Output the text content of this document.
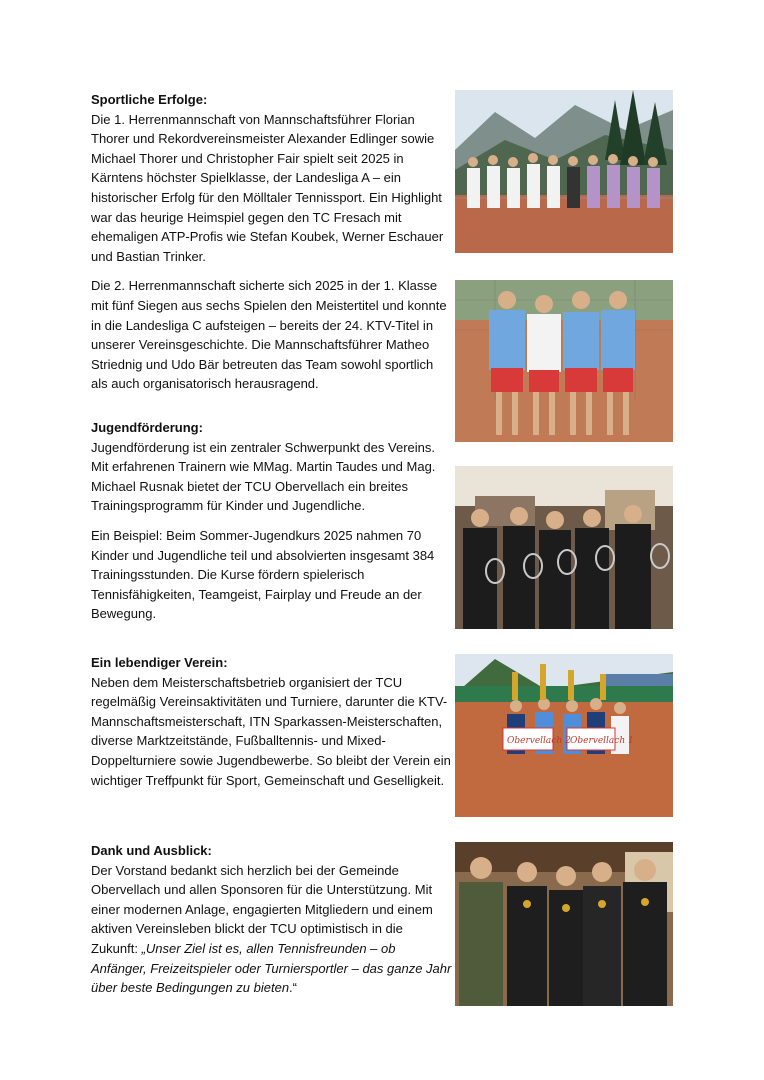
Sportliche Erfolge:

Die 1. Herrenmannschaft von Mannschaftsführer Florian Thorer und Rekordvereinsmeister Alexander Edlinger sowie Michael Thorer und Christopher Fair spielt seit 2025 in Kärntens höchster Spielklasse, der Landesliga A – ein historischer Erfolg für den Mölltaler Tennissport. Ein Highlight war das heurige Heimspiel gegen den TC Fresach mit ehemaligen ATP-Profis wie Stefan Koubek, Werner Eschauer und Bastian Trinker.

Die 2. Herrenmannschaft sicherte sich 2025 in der 1. Klasse mit fünf Siegen aus sechs Spielen den Meistertitel und konnte in die Landesliga C aufsteigen – bereits der 24. KTV-Titel in unserer Vereinsgeschichte. Die Mannschaftsführer Matheo Striednig und Udo Bär betreuten das Team sowohl sportlich als auch organisatorisch herausragend.

Jugendförderung:

Jugendförderung ist ein zentraler Schwerpunkt des Vereins. Mit erfahrenen Trainern wie MMag. Martin Taudes und Mag. Michael Rusnak bietet der TCU Obervellach ein breites Trainingsprogramm für Kinder und Jugendliche.

Ein Beispiel: Beim Sommer-Jugendkurs 2025 nahmen 70 Kinder und Jugendliche teil und absolvierten insgesamt 384 Trainingsstunden. Die Kurse fördern spielerisch Tennisfähigkeiten, Teamgeist, Fairplay und Freude an der Bewegung.

Ein lebendiger Verein:

Neben dem Meisterschaftsbetrieb organisiert der TCU regelmäßig Vereinsaktivitäten und Turniere, darunter die KTV-Mannschaftsmeisterschaft, ITN Sparkassen-Meisterschaften, diverse Marktzeitstände, Fußballtennis- und Mixed-Doppelturniere sowie Jugendbewerbe. So bleibt der Verein ein wichtiger Treffpunkt für Sport, Gemeinschaft und Geselligkeit.

Dank und Ausblick:

Der Vorstand bedankt sich herzlich bei der Gemeinde Obervellach und allen Sponsoren für die Unterstützung. Mit einer modernen Anlage, engagierten Mitgliedern und einem aktiven Vereinsleben blickt der TCU optimistisch in die Zukunft: „Unser Ziel ist es, allen Tennisfreunden – ob Anfänger, Freizeitspieler oder Turniersportler – das ganze Jahr über beste Bedingungen zu bieten.“

Obervellach 2 Obervellach 1
